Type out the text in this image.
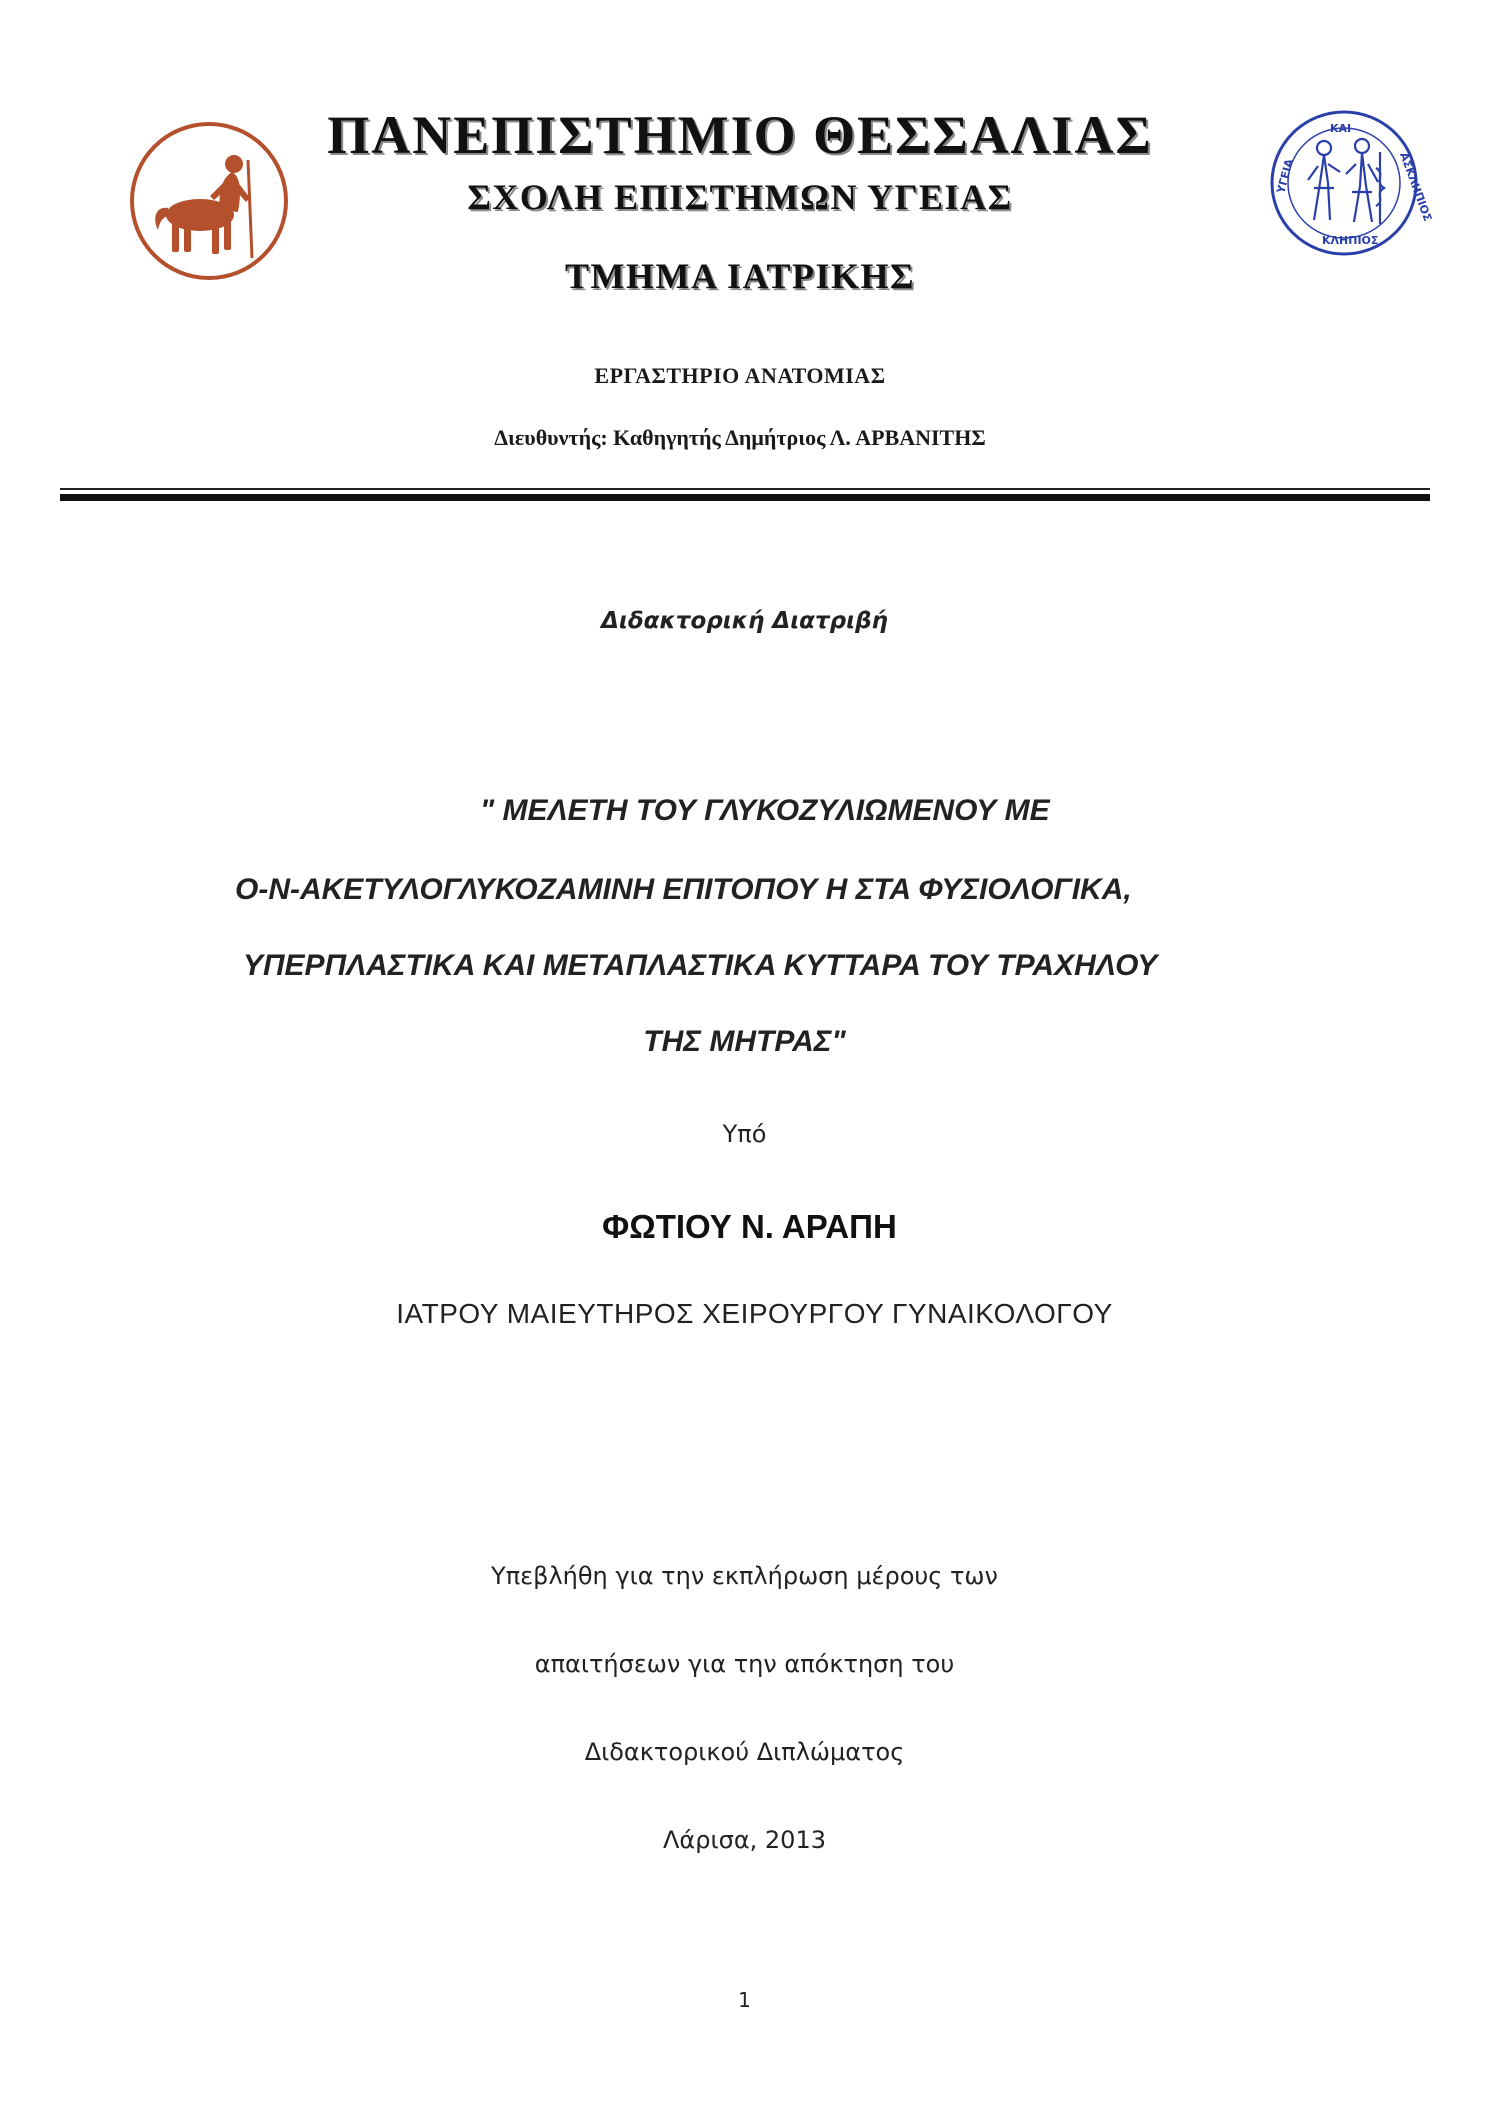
ΚΑΙ
ΚΛΗΠΙΟΣ
ΥΓΕΙΑ	ΑΣΚΛΗΠΙΟΣ
ΠΑΝΕΠΙΣΤΗΜΙΟ ΘΕΣΣΑΛΙΑΣ
ΣΧΟΛΗ ΕΠΙΣΤΗΜΩΝ ΥΓΕΙΑΣ
ΤΜΗΜΑ ΙΑΤΡΙΚΗΣ
ΕΡΓΑΣΤΗΡΙΟ ΑΝΑΤΟΜΙΑΣ
Διευθυντής: Καθηγητής Δημήτριος Λ. ΑΡΒΑΝΙΤΗΣ
Διδακτορική Διατριβή
" ΜΕΛΕΤΗ ΤΟΥ ΓΛΥΚΟΖΥΛΙΩΜΕΝΟΥ ΜΕ
Ο-Ν-ΑΚΕΤΥΛΟΓΛΥΚΟΖΑΜΙΝΗ ΕΠΙΤΟΠΟΥ Η ΣΤΑ ΦΥΣΙΟΛΟΓΙΚΑ,
ΥΠΕΡΠΛΑΣΤΙΚΑ ΚΑΙ ΜΕΤΑΠΛΑΣΤΙΚΑ ΚΥΤΤΑΡΑ ΤΟΥ ΤΡΑΧΗΛΟΥ
ΤΗΣ ΜΗΤΡΑΣ"
Υπό
ΦΩΤΙΟΥ Ν. ΑΡΑΠΗ
ΙΑΤΡΟΥ ΜΑΙΕΥΤΗΡΟΣ ΧΕΙΡΟΥΡΓΟΥ ΓΥΝΑΙΚΟΛΟΓΟΥ
Υπεβλήθη για την εκπλήρωση μέρους των
απαιτήσεων για την απόκτηση του
Διδακτορικού Διπλώματος
Λάρισα, 2013
1
